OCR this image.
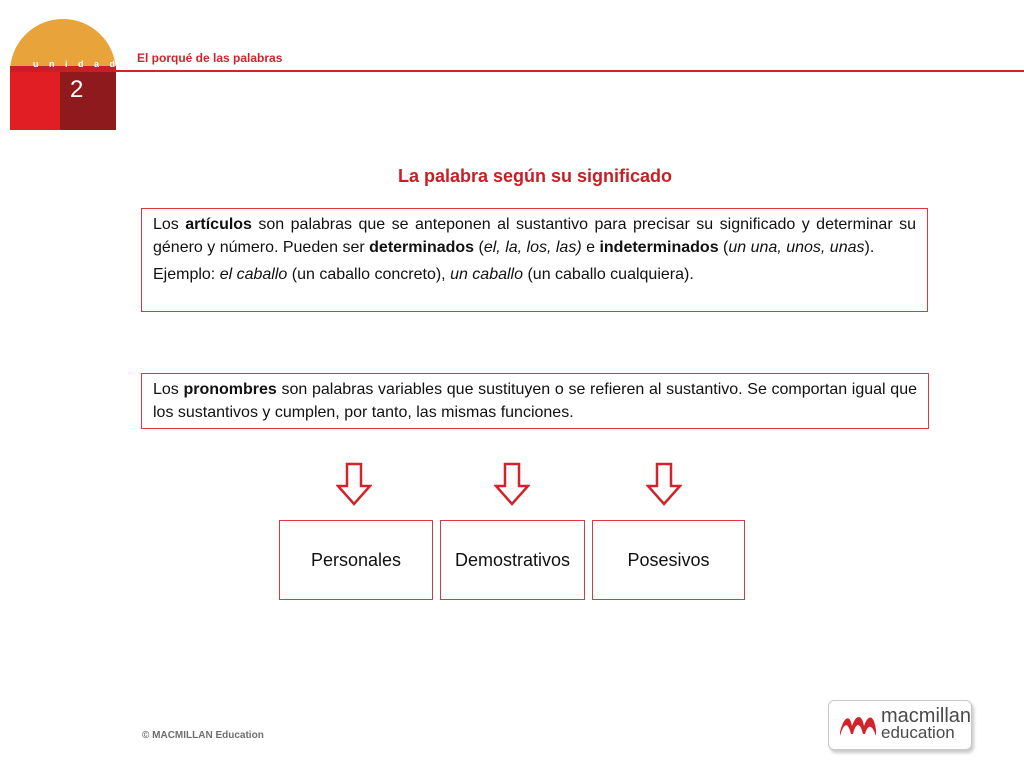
u n i d a d
2
El porqué de las palabras
La palabra según su significado

Los artículos son palabras que se anteponen al sustantivo para precisar su significado y determinar su género y número. Pueden ser determinados (el, la, los, las) e indeterminados (un una, unos, unas).

Ejemplo: el caballo (un caballo concreto), un caballo (un caballo cualquiera).

Los pronombres son palabras variables que sustituyen o se refieren al sustantivo. Se comportan igual que los sustantivos y cumplen, por tanto, las mismas funciones.

Personales	Demostrativos	Posesivos
© MACMILLAN Education
macmillan
education
